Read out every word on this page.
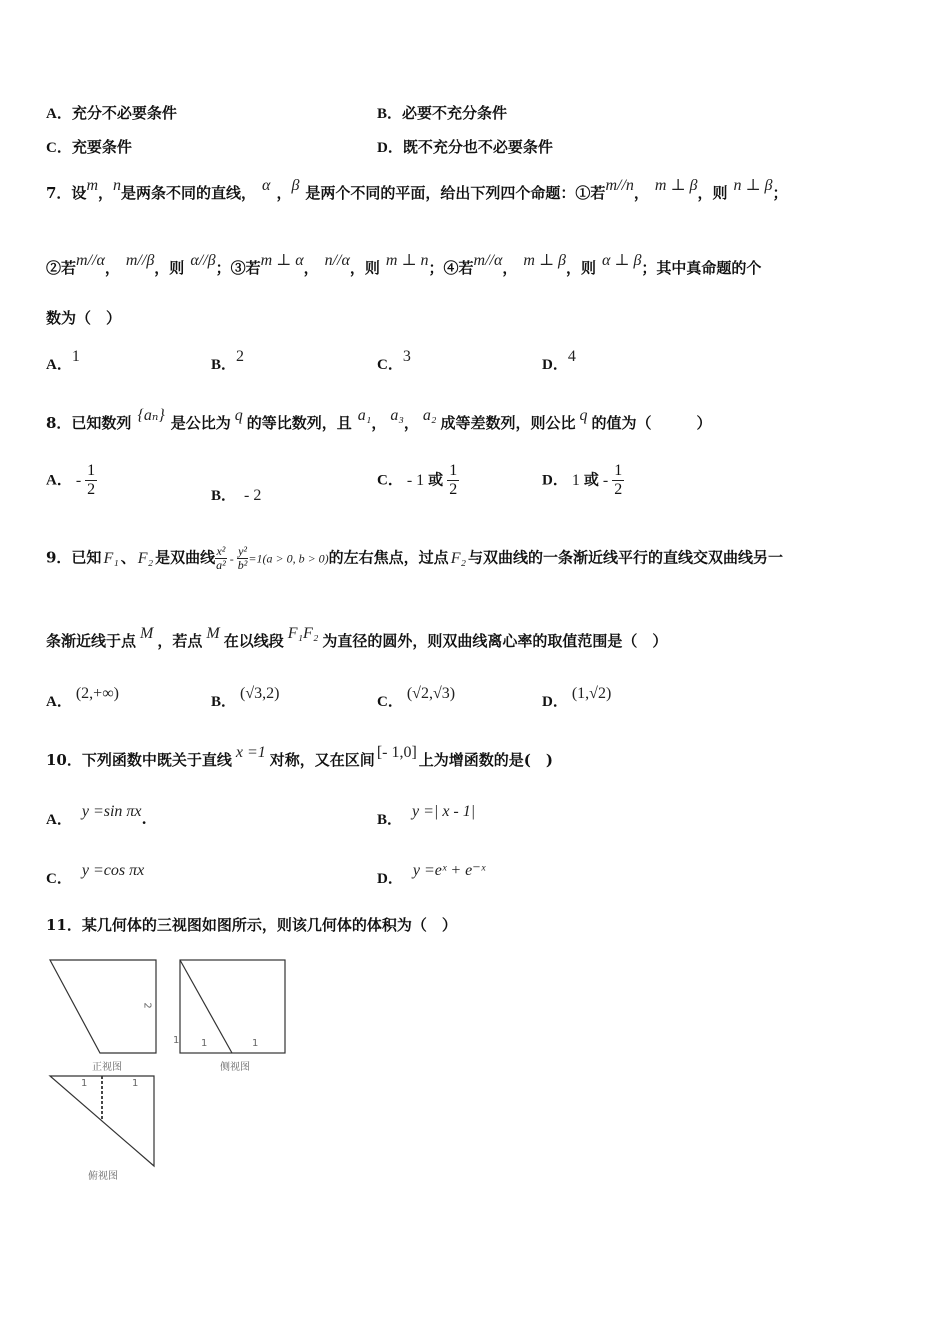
A．充分不必要条件	B．必要不充分条件
C．充要条件	D．既不充分也不必要条件
7．设m，n是两条不同的直线， α ，β 是两个不同的平面，给出下列四个命题：①若m//n， m ⊥ β，则 n ⊥ β；
②若m//α， m//β，则 α//β；③若m ⊥ α， n//α，则 m ⊥ n；④若m//α， m ⊥ β，则 α ⊥ β；其中真命题的个
数为（　）
A．1	B．2	C．3	D．4
8．已知数列 {aₙ} 是公比为 q 的等比数列，且 a₁， a₃， a₂ 成等差数列，则公比 q 的值为（　　　）
A． - $\frac{1}{2}$	B． - 2
C． - 1 或 $\frac{1}{2}$	D． 1 或 - $\frac{1}{2}$
9．已知 F₁ 、 F₂ 是双曲线 $\frac{\text{x²}}{\text{a²}} - \frac{\text{y²}}{\text{b²}} =1(a > 0$, b > 0)的左右焦点，过点 F₂ 与双曲线的一条渐近线平行的直线交双曲线另一
条渐近线于点 M ，若点 M 在以线段 F₁F₂ 为直径的圆外，则双曲线离心率的取值范围是（　）
A． (2,+∞)	B． (√3,2)	C． (√2,√3)	D． (1,√2)
10．下列函数中既关于直线 x =1 对称，又在区间 [- 1,0] 上为增函数的是(　)
A． y =sin πx.	B． y =| x - 1|
C． y =cos πx	D． y =eˣ + e⁻ˣ
11．某几何体的三视图如图所示，则该几何体的体积为（　）
1
2
1	1
1	1
正视图	侧视图
俯视图
